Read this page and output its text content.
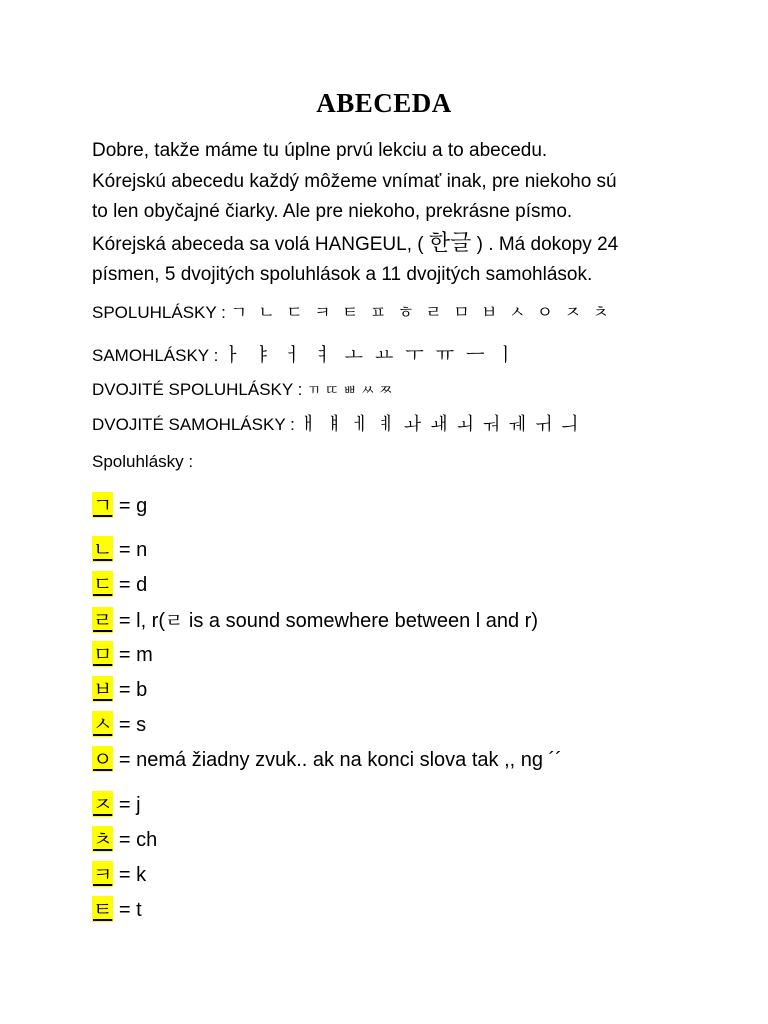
ABECEDA
Dobre, takže máme tu úplne prvú lekciu a to abecedu.
Kórejskú abecedu každý môžeme vnímať inak, pre niekoho sú
to len obyčajné čiarky. Ale pre niekoho, prekrásne písmo.
Kórejská abeceda sa volá HANGEUL, ( 한글 ) . Má dokopy 24
písmen, 5 dvojitých spoluhlások a 11 dvojitých samohlások.
SPOLUHLÁSKY : ㄱ ㄴ ㄷ ㅋ ㅌ ㅍ ㅎ ㄹ ㅁ ㅂ ㅅ ㅇ ㅈ ㅊ
SAMOHLÁSKY : ㅏ ㅑ ㅓ ㅕ ㅗ ㅛ ㅜ ㅠ ㅡ ㅣ
DVOJITÉ SPOLUHLÁSKY : ㄲ ㄸ ㅃ ㅆ ㅉ
DVOJITÉ SAMOHLÁSKY : ㅐ ㅒ ㅔ ㅖ ㅘ ㅙ ㅚ ㅝ ㅞ ㅟ ㅢ
Spoluhlásky :
ㄱ = g
ㄴ = n
ㄷ = d
ㄹ = l, r(ㄹ is a sound somewhere between l and r)
ㅁ = m
ㅂ = b
ㅅ = s
ㅇ = nemá žiadny zvuk.. ak na konci slova tak ,, ng ´´
ㅈ = j
ㅊ = ch
ㅋ = k
ㅌ = t
